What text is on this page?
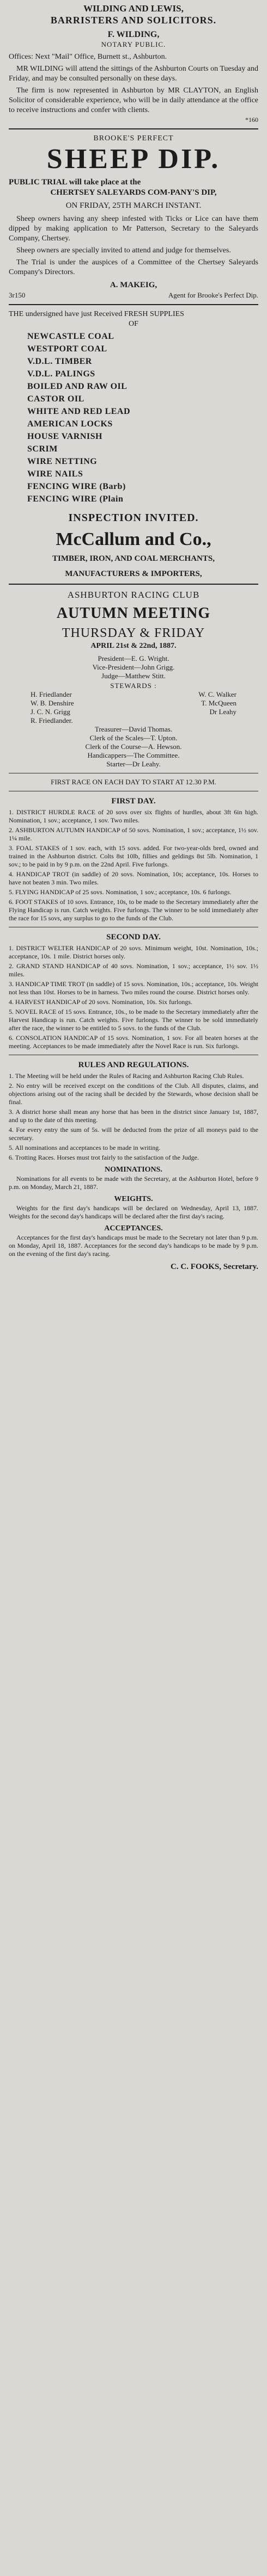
WILDING AND LEWIS,

BARRISTERS AND SOLICITORS.

F. WILDING,

NOTARY PUBLIC.

Offices: Next "Mail" Office, Burnett st., Ashburton.

MR WILDING will attend the sittings of the Ashburton Courts on Tuesday and Friday, and may be consulted personally on these days.

The firm is now represented in Ashburton by MR CLAYTON, an English Solicitor of considerable experience, who will be in daily attendance at the office to receive instructions and confer with clients.

*160

BROOKE'S PERFECT

SHEEP DIP.

PUBLIC TRIAL will take place at the

CHERTSEY SALEYARDS COM-PANY'S DIP,

ON FRIDAY, 25TH MARCH INSTANT.

Sheep owners having any sheep infested with Ticks or Lice can have them dipped by making application to Mr Patterson, Secretary to the Saleyards Company, Chertsey.

Sheep owners are specially invited to attend and judge for themselves.

The Trial is under the auspices of a Committee of the Chertsey Saleyards Company's Directors.

A. MAKEIG,

3r150	Agent for Brooke's Perfect Dip.

THE undersigned have just Received FRESH SUPPLIES

OF

NEWCASTLE COAL

WESTPORT COAL

V.D.L. TIMBER

V.D.L. PALINGS

BOILED AND RAW OIL

CASTOR OIL

WHITE AND RED LEAD

AMERICAN LOCKS

HOUSE VARNISH

SCRIM

WIRE NETTING

WIRE NAILS

FENCING WIRE (Barb)

FENCING WIRE (Plain

INSPECTION INVITED.

McCallum and Co.,

TIMBER, IRON, AND COAL MERCHANTS,

MANUFACTURERS & IMPORTERS,

ASHBURTON RACING CLUB

AUTUMN MEETING

THURSDAY & FRIDAY

APRIL 21st & 22nd, 1887.

President—E. G. Wright.

Vice-President—John Grigg.

Judge—Matthew Stitt.

STEWARDS :

H. Friedlander	W. C. Walker
W. B. Denshire	T. McQueen
J. C. N. Grigg	Dr Leahy
R. Friedlander.

Treasurer—David Thomas.

Clerk of the Scales—T. Upton.

Clerk of the Course—A. Hewson.

Handicappers—The Committee.

Starter—Dr Leahy.

FIRST RACE ON EACH DAY TO START AT 12.30 P.M.

FIRST DAY.

1. DISTRICT HURDLE RACE of 20 sovs over six flights of hurdles, about 3ft 6in high. Nomination, 1 sov.; acceptance, 1 sov. Two miles.

2. ASHBURTON AUTUMN HANDICAP of 50 sovs. Nomination, 1 sov.; acceptance, 1½ sov. 1¼ mile.

3. FOAL STAKES of 1 sov. each, with 15 sovs. added. For two-year-olds bred, owned and trained in the Ashburton district. Colts 8st 10lb, fillies and geldings 8st 5lb. Nomination, 1 sov.; to be paid in by 9 p.m. on the 22nd April. Five furlongs.

4. HANDICAP TROT (in saddle) of 20 sovs. Nomination, 10s; acceptance, 10s. Horses to have not beaten 3 min. Two miles.

5. FLYING HANDICAP of 25 sovs. Nomination, 1 sov.; acceptance, 10s. 6 furlongs.

6. FOOT STAKES of 10 sovs. Entrance, 10s, to be made to the Secretary immediately after the Flying Handicap is run. Catch weights. Five furlongs. The winner to be sold immediately after the race for 15 sovs, any surplus to go to the funds of the Club.

SECOND DAY.

1. DISTRICT WELTER HANDICAP of 20 sovs. Minimum weight, 10st. Nomination, 10s.; acceptance, 10s. 1 mile. District horses only.

2. GRAND STAND HANDICAP of 40 sovs. Nomination, 1 sov.; acceptance, 1½ sov. 1½ miles.

3. HANDICAP TIME TROT (in saddle) of 15 sovs. Nomination, 10s.; acceptance, 10s. Weight not less than 10st. Horses to be in harness. Two miles round the course. District horses only.

4. HARVEST HANDICAP of 20 sovs. Nomination, 10s. Six furlongs.

5. NOVEL RACE of 15 sovs. Entrance, 10s., to be made to the Secretary immediately after the Harvest Handicap is run. Catch weights. Five furlongs. The winner to be sold immediately after the race, the winner to be entitled to 5 sovs. to the funds of the Club.

6. CONSOLATION HANDICAP of 15 sovs. Nomination, 1 sov. For all beaten horses at the meeting. Acceptances to be made immediately after the Novel Race is run. Six furlongs.

RULES AND REGULATIONS.

1. The Meeting will be held under the Rules of Racing and Ashburton Racing Club Rules.

2. No entry will be received except on the conditions of the Club. All disputes, claims, and objections arising out of the racing shall be decided by the Stewards, whose decision shall be final.

3. A district horse shall mean any horse that has been in the district since January 1st, 1887, and up to the date of this meeting.

4. For every entry the sum of 5s. will be deducted from the prize of all moneys paid to the secretary.

5. All nominations and acceptances to be made in writing.

6. Trotting Races. Horses must trot fairly to the satisfaction of the Judge.

NOMINATIONS.

Nominations for all events to be made with the Secretary, at the Ashburton Hotel, before 9 p.m. on Monday, March 21, 1887.

WEIGHTS.

Weights for the first day's handicaps will be declared on Wednesday, April 13, 1887. Weights for the second day's handicaps will be declared after the first day's racing.

ACCEPTANCES.

Acceptances for the first day's handicaps must be made to the Secretary not later than 9 p.m. on Monday, April 18, 1887. Acceptances for the second day's handicaps to be made by 9 p.m. on the evening of the first day's racing.

C. C. FOOKS, Secretary.
